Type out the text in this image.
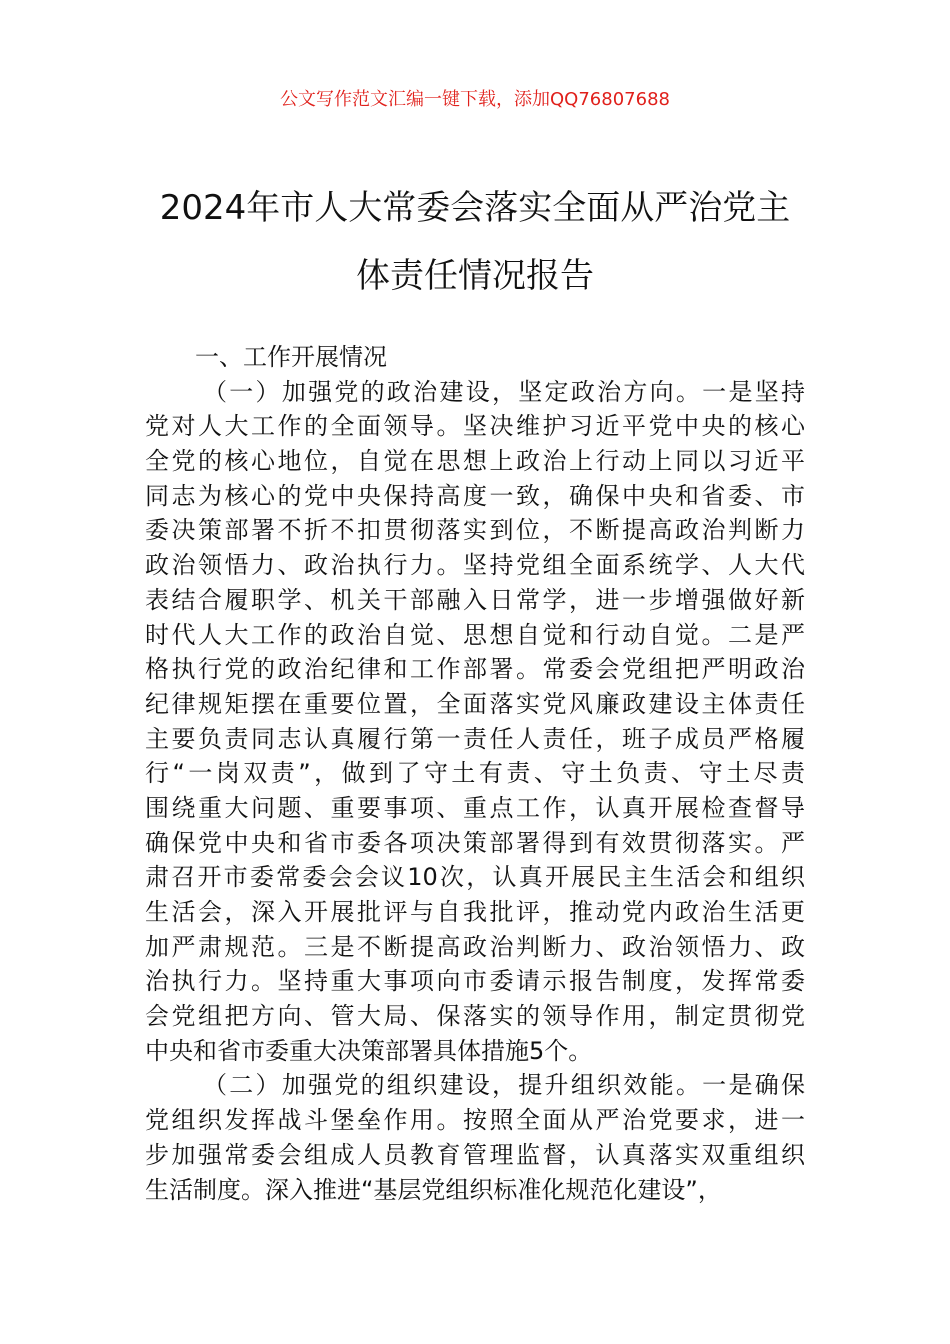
公文写作范文汇编一键下载，添加QQ76807688
2024年市人大常委会落实全面从严治党主
体责任情况报告
一、工作开展情况
（一）加强党的政治建设，坚定政治方向。一是坚持
党对人大工作的全面领导。坚决维护习近平党中央的核心
全党的核心地位，自觉在思想上政治上行动上同以习近平
同志为核心的党中央保持高度一致，确保中央和省委、市
委决策部署不折不扣贯彻落实到位，不断提高政治判断力
政治领悟力、政治执行力。坚持党组全面系统学、人大代
表结合履职学、机关干部融入日常学，进一步增强做好新
时代人大工作的政治自觉、思想自觉和行动自觉。二是严
格执行党的政治纪律和工作部署。常委会党组把严明政治
纪律规矩摆在重要位置，全面落实党风廉政建设主体责任
主要负责同志认真履行第一责任人责任，班子成员严格履
行“一岗双责”，做到了守土有责、守土负责、守土尽责
围绕重大问题、重要事项、重点工作，认真开展检查督导
确保党中央和省市委各项决策部署得到有效贯彻落实。严
肃召开市委常委会会议10次，认真开展民主生活会和组织
生活会，深入开展批评与自我批评，推动党内政治生活更
加严肃规范。三是不断提高政治判断力、政治领悟力、政
治执行力。坚持重大事项向市委请示报告制度，发挥常委
会党组把方向、管大局、保落实的领导作用，制定贯彻党
中央和省市委重大决策部署具体措施5个。
（二）加强党的组织建设，提升组织效能。一是确保
党组织发挥战斗堡垒作用。按照全面从严治党要求，进一
步加强常委会组成人员教育管理监督，认真落实双重组织
生活制度。深入推进“基层党组织标准化规范化建设”，
